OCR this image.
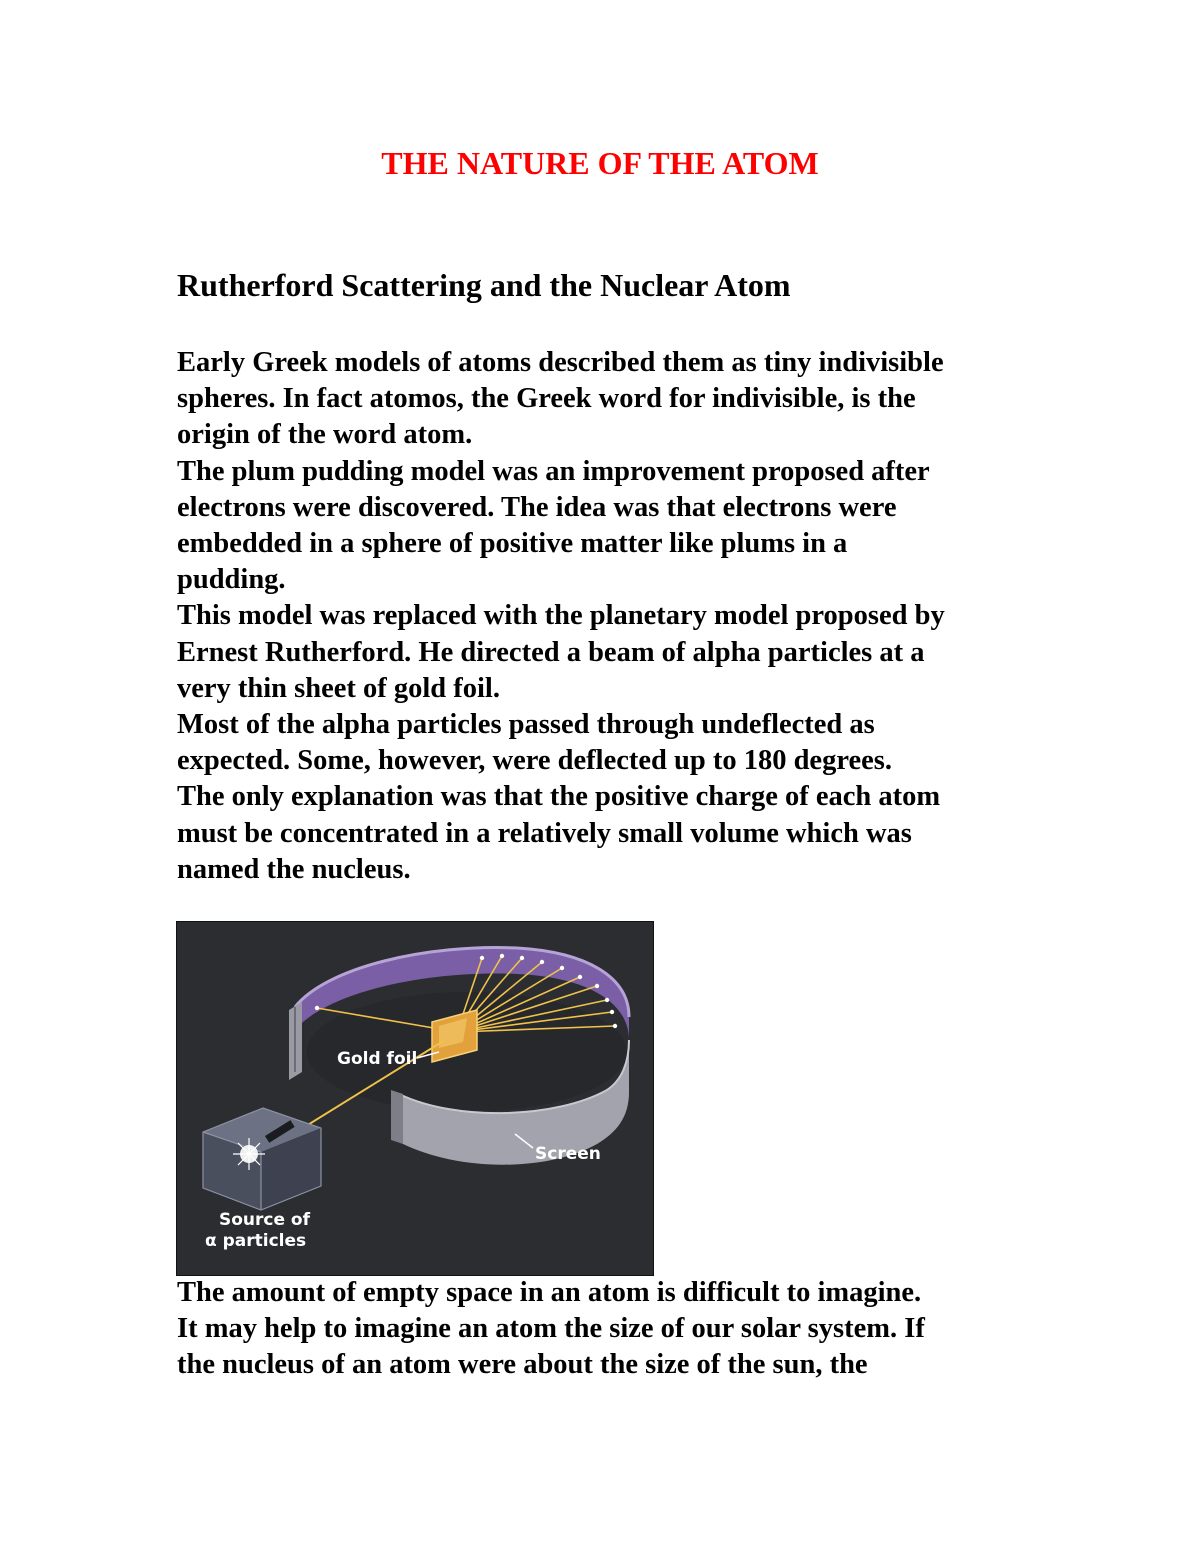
THE NATURE OF THE ATOM
Rutherford Scattering and the Nuclear Atom

Early Greek models of atoms described them as tiny indivisible
spheres. In fact atomos, the Greek word for indivisible, is the
origin of the word atom.
The plum pudding model was an improvement proposed after
electrons were discovered. The idea was that electrons were
embedded in a sphere of positive matter like plums in a
pudding.
This model was replaced with the planetary model proposed by
Ernest Rutherford. He directed a beam of alpha particles at a
very thin sheet of gold foil.
Most of the alpha particles passed through undeflected as
expected. Some, however, were deflected up to 180 degrees.
The only explanation was that the positive charge of each atom
must be concentrated in a relatively small volume which was
named the nucleus.

Gold foil
Screen
Source of
α particles

The amount of empty space in an atom is difficult to imagine.
It may help to imagine an atom the size of our solar system. If
the nucleus of an atom were about the size of the sun, the
